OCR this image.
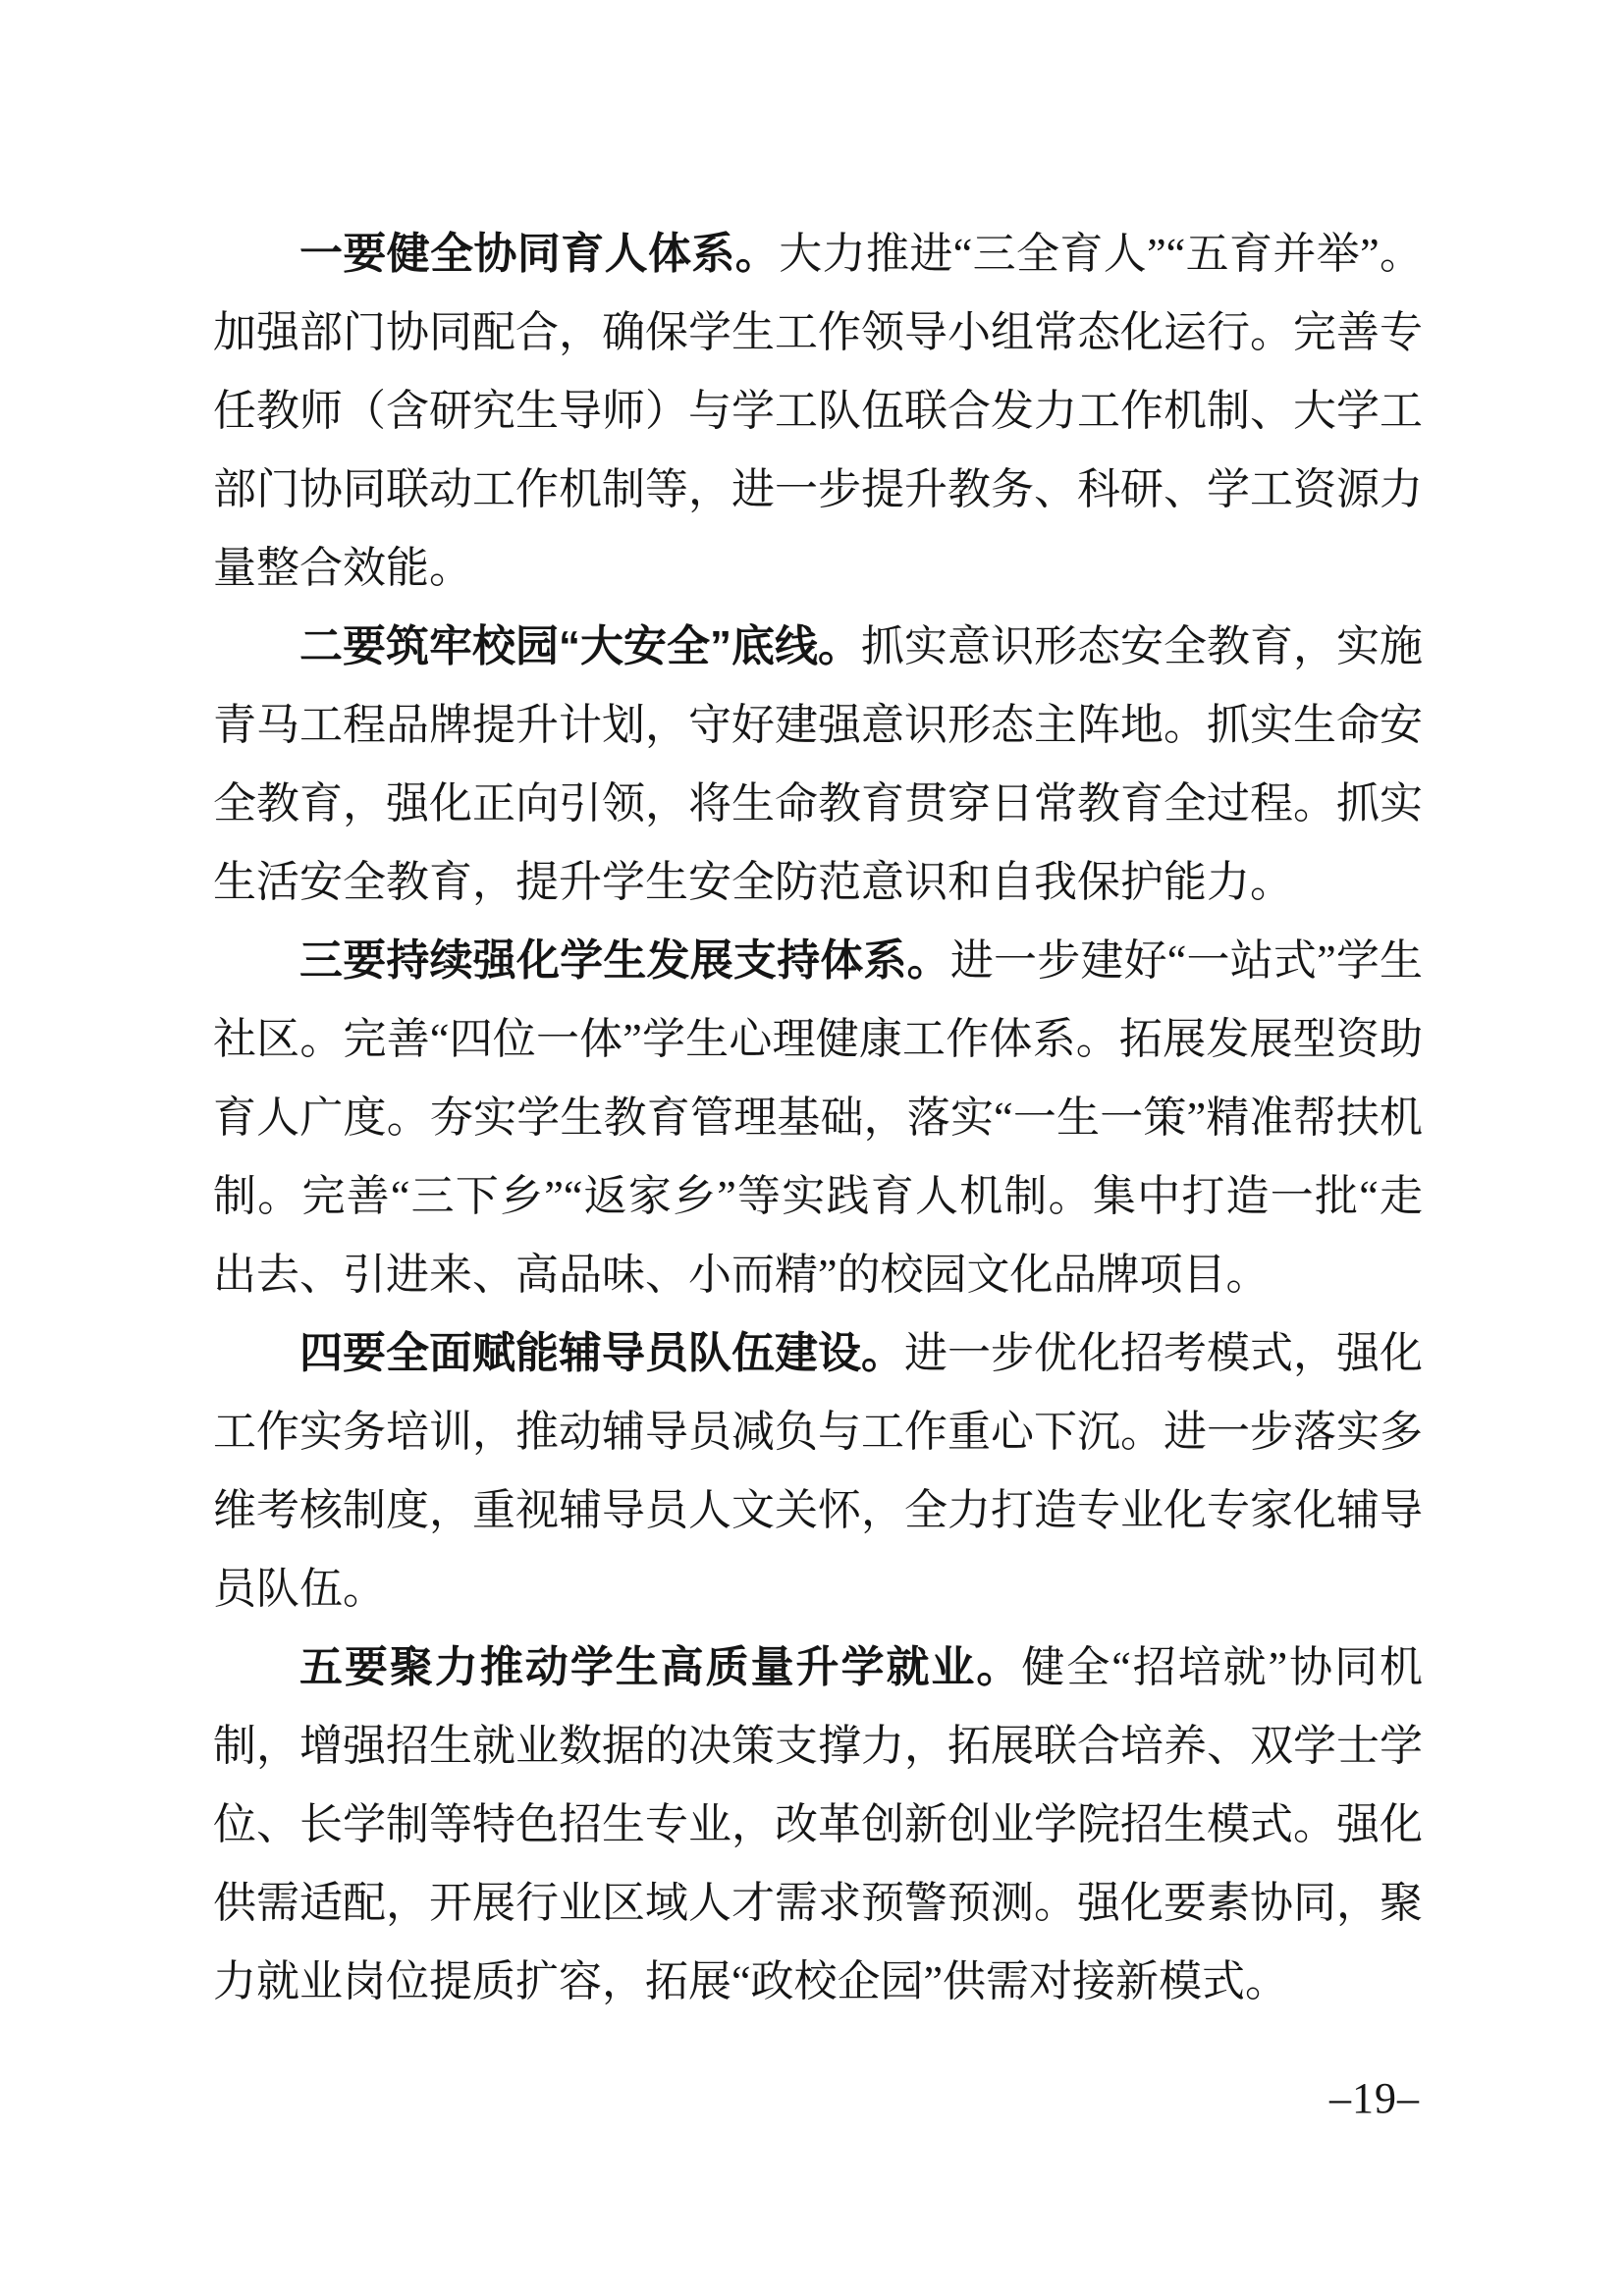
一要健全协同育人体系。大力推进“三全育人”“五育并举”。加强部门协同配合，确保学生工作领导小组常态化运行。完善专任教师（含研究生导师）与学工队伍联合发力工作机制、大学工部门协同联动工作机制等，进一步提升教务、科研、学工资源力量整合效能。

二要筑牢校园“大安全”底线。抓实意识形态安全教育，实施青马工程品牌提升计划，守好建强意识形态主阵地。抓实生命安全教育，强化正向引领，将生命教育贯穿日常教育全过程。抓实生活安全教育，提升学生安全防范意识和自我保护能力。

三要持续强化学生发展支持体系。进一步建好“一站式”学生社区。完善“四位一体”学生心理健康工作体系。拓展发展型资助育人广度。夯实学生教育管理基础，落实“一生一策”精准帮扶机制。完善“三下乡”“返家乡”等实践育人机制。集中打造一批“走出去、引进来、高品味、小而精”的校园文化品牌项目。

四要全面赋能辅导员队伍建设。进一步优化招考模式，强化工作实务培训，推动辅导员减负与工作重心下沉。进一步落实多维考核制度，重视辅导员人文关怀，全力打造专业化专家化辅导员队伍。

五要聚力推动学生高质量升学就业。健全“招培就”协同机制，增强招生就业数据的决策支撑力，拓展联合培养、双学士学位、长学制等特色招生专业，改革创新创业学院招生模式。强化供需适配，开展行业区域人才需求预警预测。强化要素协同，聚力就业岗位提质扩容，拓展“政校企园”供需对接新模式。

–19–
